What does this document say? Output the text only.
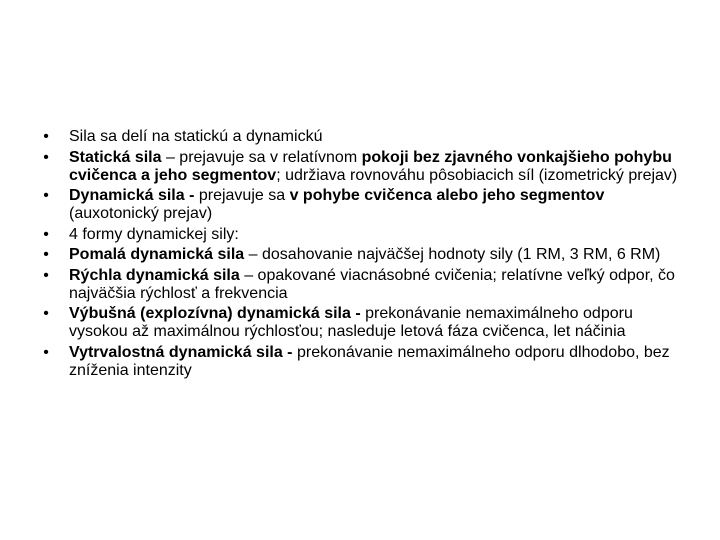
• Sila sa delí na statickú a dynamickú
• Statická sila – prejavuje sa v relatívnom pokoji bez zjavného vonkajšieho pohybu cvičenca a jeho segmentov; udržiava rovnováhu pôsobiacich síl (izometrický prejav)
• Dynamická sila - prejavuje sa v pohybe cvičenca alebo jeho segmentov (auxotonický prejav)
• 4 formy dynamickej sily:
• Pomalá dynamická sila – dosahovanie najväčšej hodnoty sily (1 RM, 3 RM, 6 RM)
• Rýchla dynamická sila – opakované viacnásobné cvičenia; relatívne veľký odpor, čo najväčšia rýchlosť a frekvencia
• Výbušná (explozívna) dynamická sila - prekonávanie nemaximálneho odporu vysokou až maximálnou rýchlosťou; nasleduje letová fáza cvičenca, let náčinia
• Vytrvalostná dynamická sila - prekonávanie nemaximálneho odporu dlhodobo, bez zníženia intenzity
